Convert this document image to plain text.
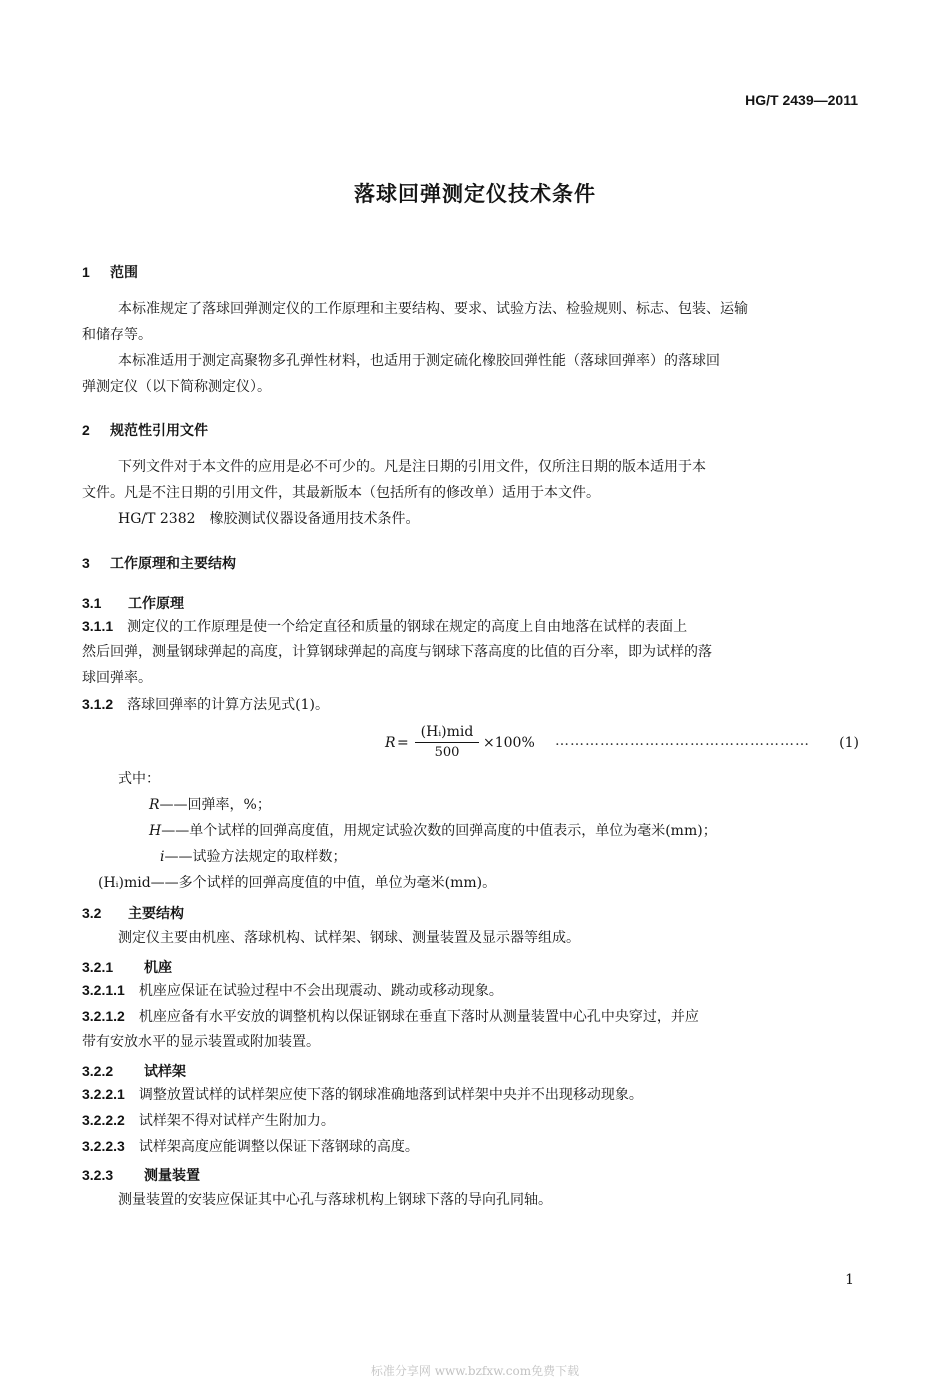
HG/T 2439—2011
落球回弹测定仪技术条件
1 范围
本标准规定了落球回弹测定仪的工作原理和主要结构、要求、试验方法、检验规则、标志、包装、运输
和储存等。
本标准适用于测定高聚物多孔弹性材料，也适用于测定硫化橡胶回弹性能（落球回弹率）的落球回
弹测定仪（以下简称测定仪）。
2 规范性引用文件
下列文件对于本文件的应用是必不可少的。凡是注日期的引用文件，仅所注日期的版本适用于本
文件。凡是不注日期的引用文件，其最新版本（包括所有的修改单）适用于本文件。
HG/T 2382　橡胶测试仪器设备通用技术条件。
3 工作原理和主要结构
3.1 工作原理
3.1.1 测定仪的工作原理是使一个给定直径和质量的钢球在规定的高度上自由地落在试样的表面上
然后回弹，测量钢球弹起的高度，计算钢球弹起的高度与钢球下落高度的比值的百分率，即为试样的落
球回弹率。
3.1.2 落球回弹率的计算方法见式(1)。
R =
(Hᵢ)mid
500
×100% …………………………………………… (1)
式中：
R——回弹率，%；
H——单个试样的回弹高度值，用规定试验次数的回弹高度的中值表示，单位为毫米(mm)；
i——试验方法规定的取样数；
(Hᵢ)mid——多个试样的回弹高度值的中值，单位为毫米(mm)。
3.2 主要结构
测定仪主要由机座、落球机构、试样架、钢球、测量装置及显示器等组成。
3.2.1 机座
3.2.1.1 机座应保证在试验过程中不会出现震动、跳动或移动现象。
3.2.1.2 机座应备有水平安放的调整机构以保证钢球在垂直下落时从测量装置中心孔中央穿过，并应
带有安放水平的显示装置或附加装置。
3.2.2 试样架
3.2.2.1 调整放置试样的试样架应使下落的钢球准确地落到试样架中央并不出现移动现象。
3.2.2.2 试样架不得对试样产生附加力。
3.2.2.3 试样架高度应能调整以保证下落钢球的高度。
3.2.3 测量装置
测量装置的安装应保证其中心孔与落球机构上钢球下落的导向孔同轴。
1
标准分享网 www.bzfxw.com免费下载
